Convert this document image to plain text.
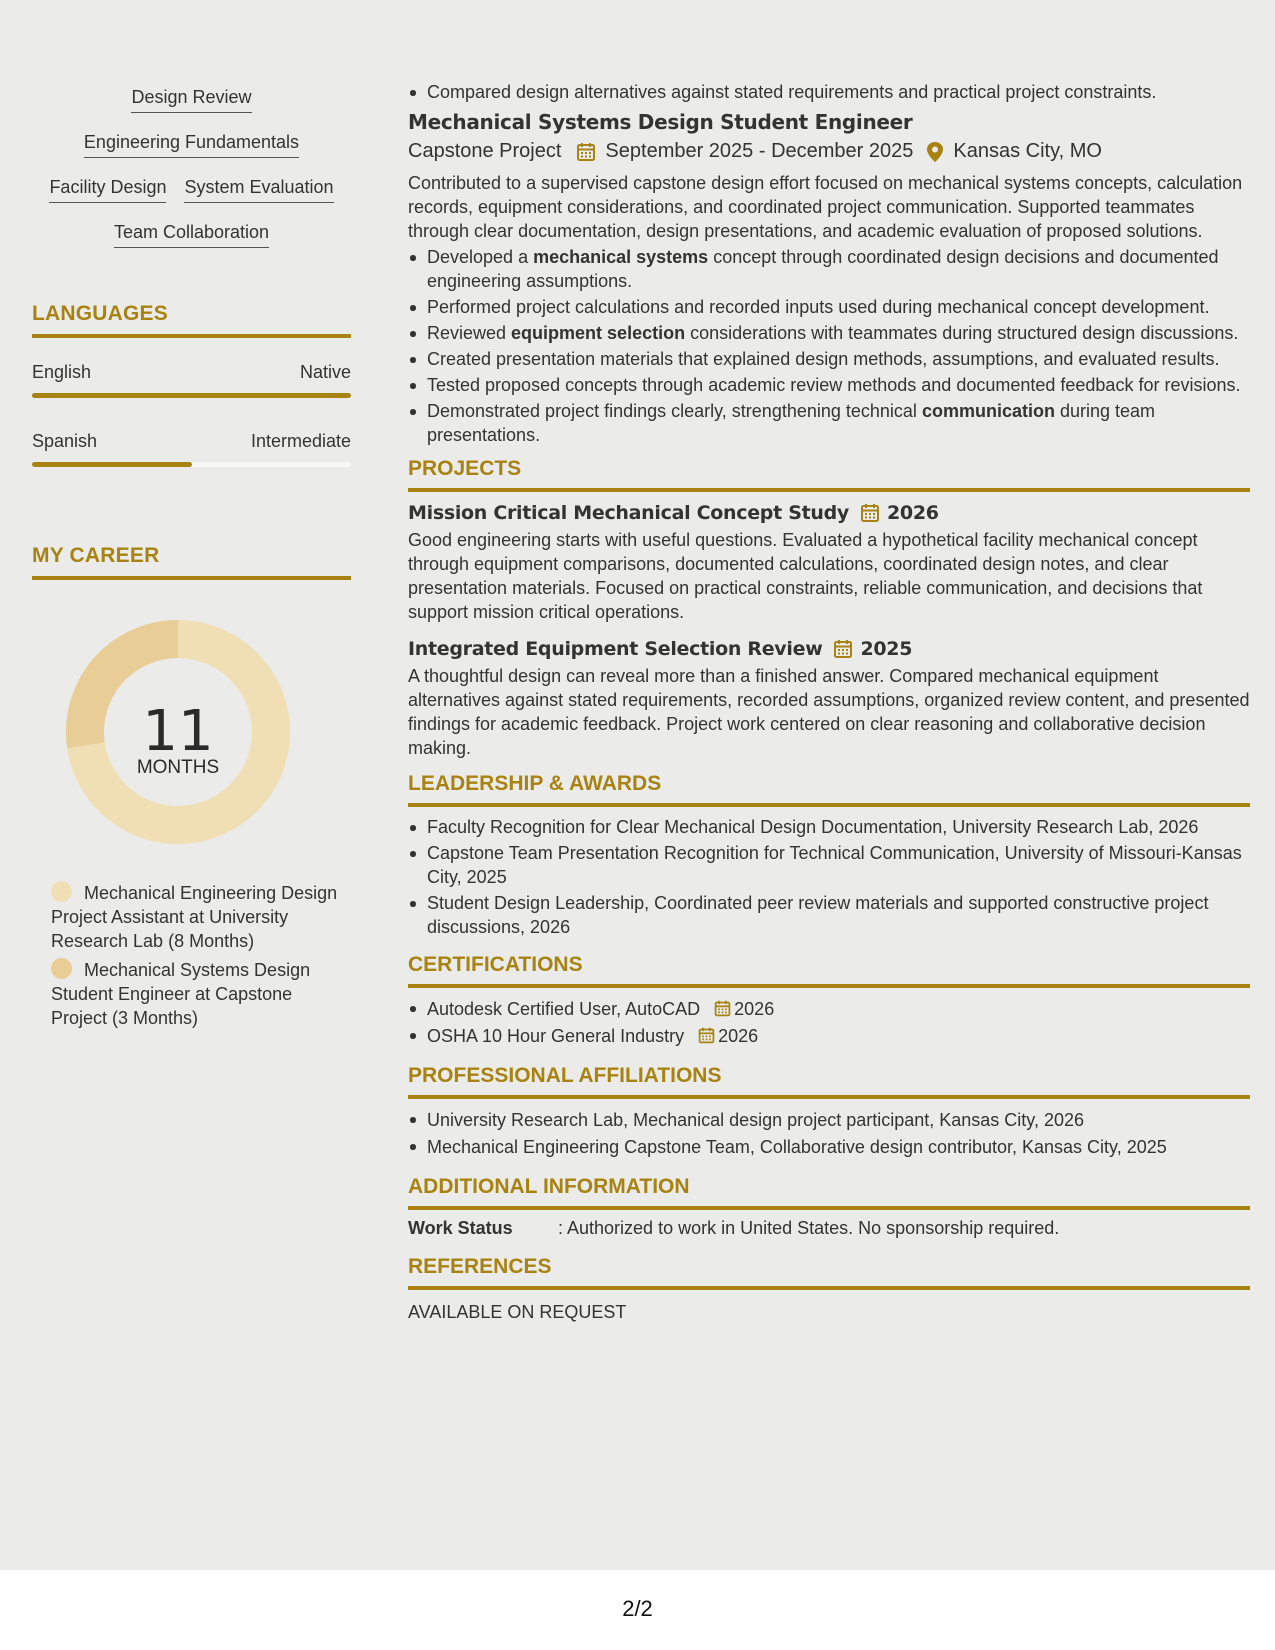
Design Review
Engineering Fundamentals
Facility Design System Evaluation
Team Collaboration
LANGUAGES
English	Native
Spanish	Intermediate
MY CAREER
11
MONTHS
Mechanical Engineering Design Project Assistant at University Research Lab (8 Months)
Mechanical Systems Design Student Engineer at Capstone Project (3 Months)
Compared design alternatives against stated requirements and practical project constraints.
Mechanical Systems Design Student Engineer
Capstone Project September 2025 - December 2025 Kansas City, MO
Contributed to a supervised capstone design effort focused on mechanical systems concepts, calculation records, equipment considerations, and coordinated project communication. Supported teammates through clear documentation, design presentations, and academic evaluation of proposed solutions.
Developed a mechanical systems concept through coordinated design decisions and documented engineering assumptions.
Performed project calculations and recorded inputs used during mechanical concept development.
Reviewed equipment selection considerations with teammates during structured design discussions.
Created presentation materials that explained design methods, assumptions, and evaluated results.
Tested proposed concepts through academic review methods and documented feedback for revisions.
Demonstrated project findings clearly, strengthening technical communication during team presentations.
PROJECTS
Mission Critical Mechanical Concept Study 2026
Good engineering starts with useful questions. Evaluated a hypothetical facility mechanical concept through equipment comparisons, documented calculations, coordinated design notes, and clear presentation materials. Focused on practical constraints, reliable communication, and decisions that support mission critical operations.
Integrated Equipment Selection Review 2025
A thoughtful design can reveal more than a finished answer. Compared mechanical equipment alternatives against stated requirements, recorded assumptions, organized review content, and presented findings for academic feedback. Project work centered on clear reasoning and collaborative decision making.
LEADERSHIP & AWARDS
Faculty Recognition for Clear Mechanical Design Documentation, University Research Lab, 2026
Capstone Team Presentation Recognition for Technical Communication, University of Missouri-Kansas City, 2025
Student Design Leadership, Coordinated peer review materials and supported constructive project discussions, 2026
CERTIFICATIONS
Autodesk Certified User, AutoCAD 2026
OSHA 10 Hour General Industry 2026
PROFESSIONAL AFFILIATIONS
University Research Lab, Mechanical design project participant, Kansas City, 2026
Mechanical Engineering Capstone Team, Collaborative design contributor, Kansas City, 2025
ADDITIONAL INFORMATION
Work Status	: Authorized to work in United States. No sponsorship required.
REFERENCES
AVAILABLE ON REQUEST
2/2
